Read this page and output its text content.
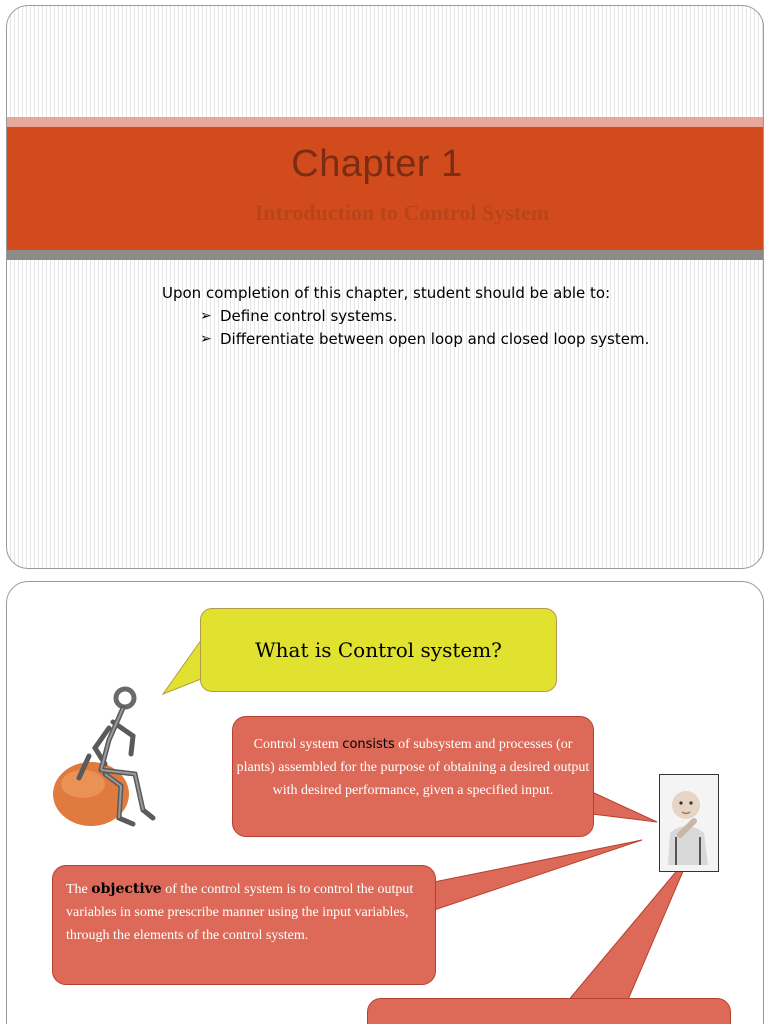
Chapter 1
Introduction to Control System
Upon completion of this chapter, student should be able to:
➢ Define control systems.
➢ Differentiate between open loop and closed loop system.
What is Control system?
Control system consists of subsystem and processes (or plants) assembled for the purpose of obtaining a desired output with desired performance, given a specified input.
The objective of the control system is to control the output variables in some prescribe manner using the input variables, through the elements of the control system.
